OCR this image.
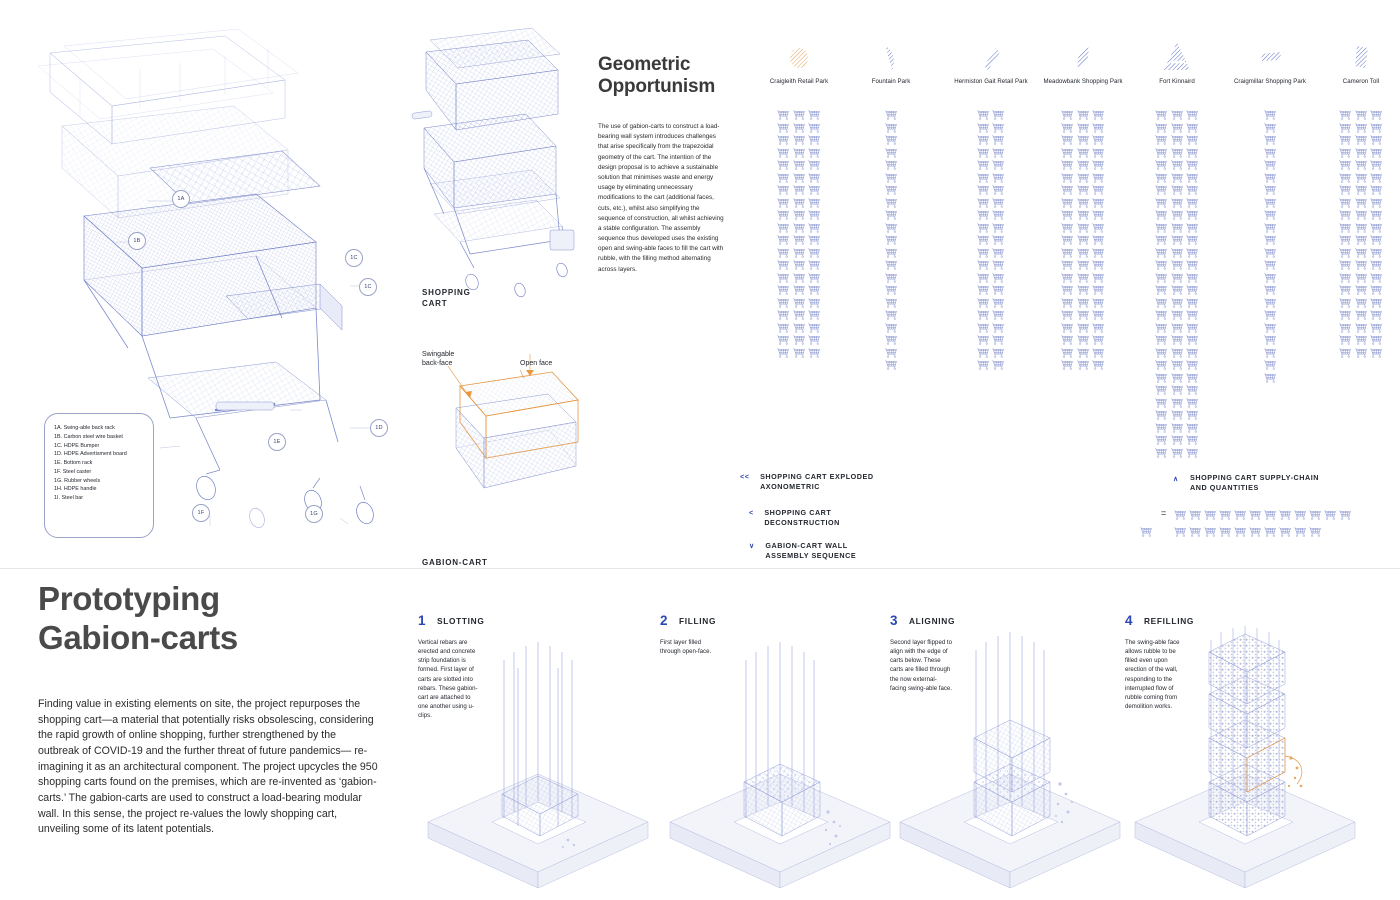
1A
1B
1C
1C
1D
1E
1F	1G
1A. Swing-able back rack
1B. Carbon steel wire basket
1C. HDPE Bumper
1D. HDPE Advertisment board
1E. Bottom rack
1F. Steel caster
1G. Rubber wheels
1H. HDPE handle
1I. Steel bar
SHOPPING
CART
Swingable
back-face	Open face
GABION-CART
Geometric
Opportunism
The use of gabion-carts to construct a load-bearing wall system introduces challenges that arise specifically from the trapezoidal geometry of the cart. The intention of the design proposal is to achieve a sustainable solution that minimises waste and energy usage by eliminating unnecessary modifications to the cart (additional faces, cuts, etc.), whilst also simplifying the sequence of construction, all whilst achieving a stable configuration. The assembly sequence thus developed uses the existing open and swing-able faces to fill the cart with rubble, with the filling method alternating across layers.
Craigleith Retail Park	Fountain Park	Hermiston Gait Retail Park	Meadowbank Shopping Park	Fort Kinnaird	Craigmillar Shopping Park	Cameron Toll
<< SHOPPING CART EXPLODED
AXONOMETRIC
< SHOPPING CART
DECONSTRUCTION
∨ GABION-CART WALL
ASSEMBLY SEQUENCE
∧ SHOPPING CART SUPPLY-CHAIN
AND QUANTITIES
=
Prototyping
Gabion-carts
Finding value in existing elements on site, the project repurposes the shopping cart—a material that potentially risks obsolescing, considering the rapid growth of online shopping, further strengthened by the outbreak of COVID-19 and the further threat of future pandemics— re-imagining it as an architectural component. The project upcycles the 950 shopping carts found on the premises, which are re-invented as ‘gabion-carts.’ The gabion-carts are used to construct a load-bearing modular wall. In this sense, the project re-values the lowly shopping cart, unveiling some of its latent potentials.
1 SLOTTING
Vertical rebars are erected and concrete strip foundation is formed. First layer of carts are slotted into rebars. These gabion-cart are attached to one another using u-clips.
2 FILLING
First layer filled through open-face.
3 ALIGNING
Second layer flipped to align with the edge of carts below. These carts are filled through the now external-facing swing-able face.
4 REFILLING
The swing-able face allows rubble to be filled even upon erection of the wall, responding to the interrupted flow of rubble coming from demolition works.
